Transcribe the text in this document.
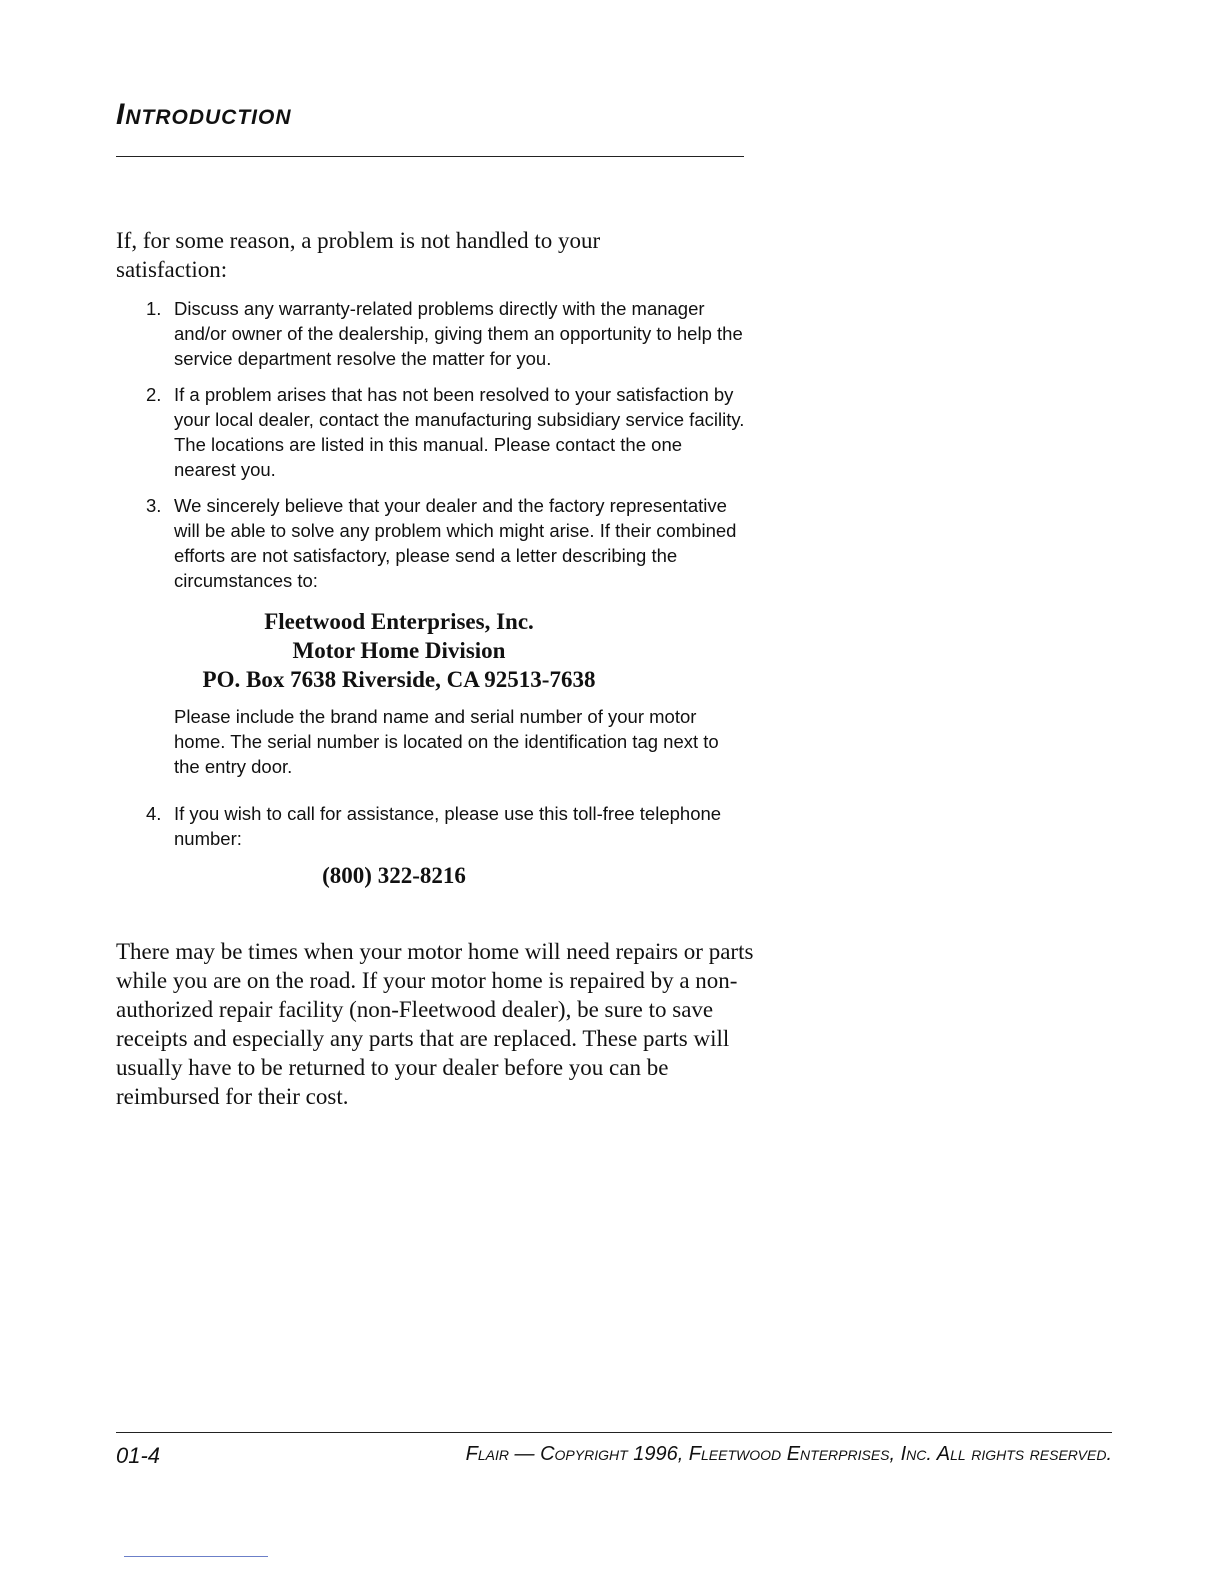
Introduction
If, for some reason, a problem is not handled to your satisfaction:
1. Discuss any warranty-related problems directly with the manager and/or owner of the dealership, giving them an opportunity to help the service department resolve the matter for you.
2. If a problem arises that has not been resolved to your satisfaction by your local dealer, contact the manufacturing subsidiary service facility. The locations are listed in this manual. Please contact the one nearest you.
3. We sincerely believe that your dealer and the factory representative will be able to solve any problem which might arise. If their combined efforts are not satisfactory, please send a letter describing the circumstances to:
Fleetwood Enterprises, Inc.
Motor Home Division
PO. Box 7638 Riverside, CA 92513-7638
Please include the brand name and serial number of your motor home. The serial number is located on the identification tag next to the entry door.
4. If you wish to call for assistance, please use this toll-free telephone number:
(800) 322-8216
There may be times when your motor home will need repairs or parts while you are on the road. If your motor home is repaired by a non-authorized repair facility (non-Fleetwood dealer), be sure to save receipts and especially any parts that are replaced. These parts will usually have to be returned to your dealer before you can be reimbursed for their cost.
01-4	Flair — Copyright 1996, Fleetwood Enterprises, Inc. All rights reserved.
